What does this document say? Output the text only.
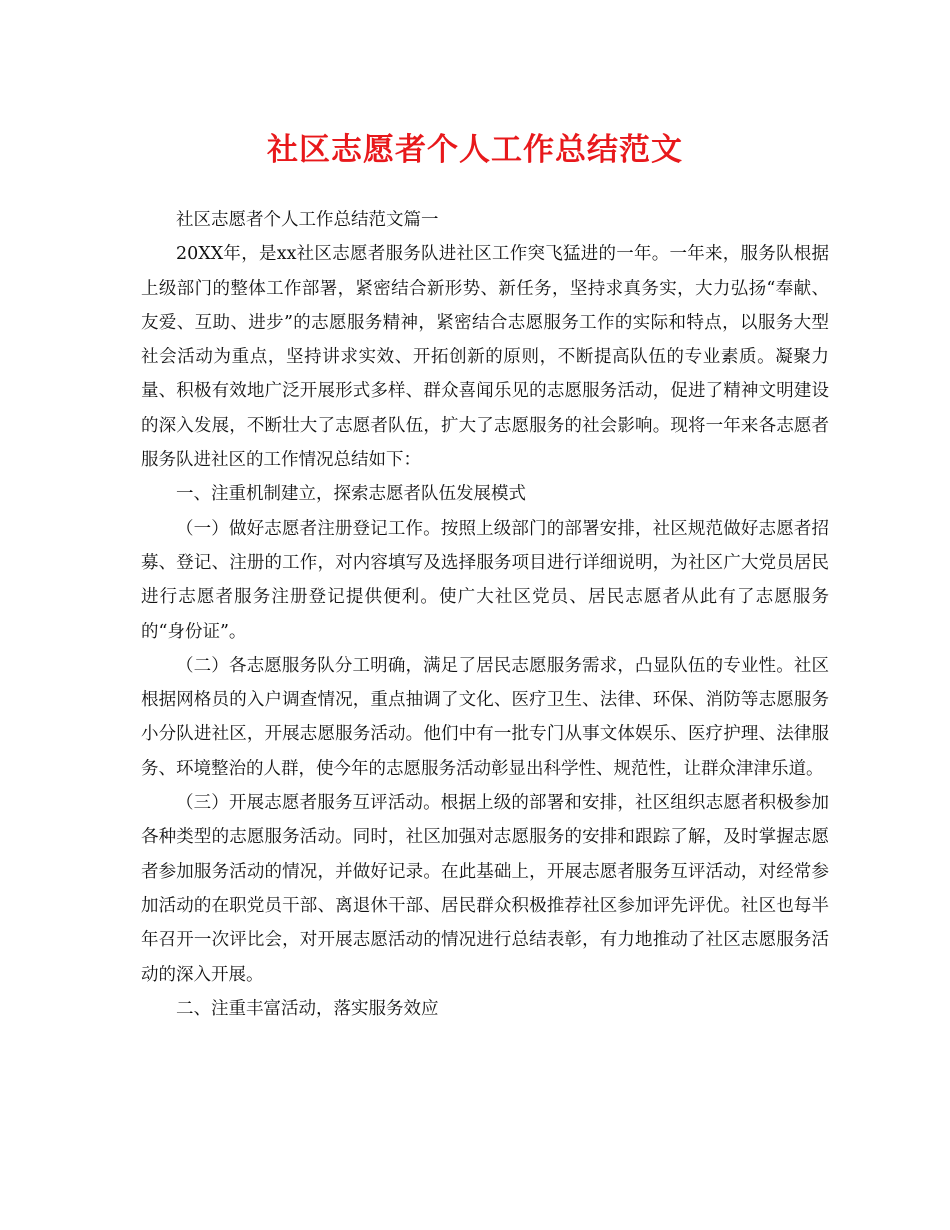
社区志愿者个人工作总结范文

社区志愿者个人工作总结范文篇一

20XX年，是xx社区志愿者服务队进社区工作突飞猛进的一年。一年来，服务队根据上级部门的整体工作部署，紧密结合新形势、新任务，坚持求真务实，大力弘扬“奉献、友爱、互助、进步”的志愿服务精神，紧密结合志愿服务工作的实际和特点，以服务大型社会活动为重点，坚持讲求实效、开拓创新的原则，不断提高队伍的专业素质。凝聚力量、积极有效地广泛开展形式多样、群众喜闻乐见的志愿服务活动，促进了精神文明建设的深入发展，不断壮大了志愿者队伍，扩大了志愿服务的社会影响。现将一年来各志愿者服务队进社区的工作情况总结如下：

一、注重机制建立，探索志愿者队伍发展模式

（一）做好志愿者注册登记工作。按照上级部门的部署安排，社区规范做好志愿者招募、登记、注册的工作，对内容填写及选择服务项目进行详细说明，为社区广大党员居民进行志愿者服务注册登记提供便利。使广大社区党员、居民志愿者从此有了志愿服务的“身份证”。

（二）各志愿服务队分工明确，满足了居民志愿服务需求，凸显队伍的专业性。社区根据网格员的入户调查情况，重点抽调了文化、医疗卫生、法律、环保、消防等志愿服务小分队进社区，开展志愿服务活动。他们中有一批专门从事文体娱乐、医疗护理、法律服务、环境整治的人群，使今年的志愿服务活动彰显出科学性、规范性，让群众津津乐道。

（三）开展志愿者服务互评活动。根据上级的部署和安排，社区组织志愿者积极参加各种类型的志愿服务活动。同时，社区加强对志愿服务的安排和跟踪了解，及时掌握志愿者参加服务活动的情况，并做好记录。在此基础上，开展志愿者服务互评活动，对经常参加活动的在职党员干部、离退休干部、居民群众积极推荐社区参加评先评优。社区也每半年召开一次评比会，对开展志愿活动的情况进行总结表彰，有力地推动了社区志愿服务活动的深入开展。

二、注重丰富活动，落实服务效应
